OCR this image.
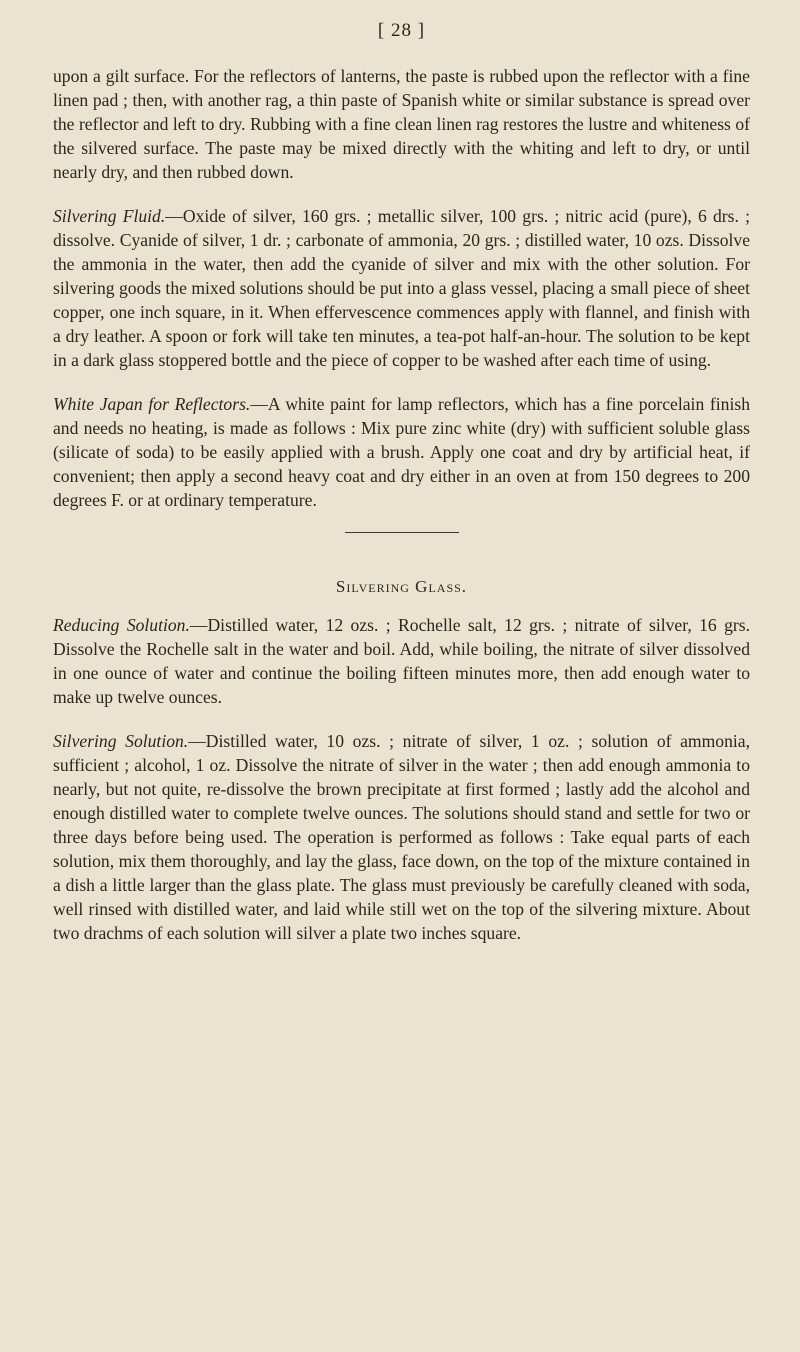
[ 28 ]

upon a gilt surface. For the reflectors of lanterns, the paste is rubbed upon the reflector with a fine linen pad ; then, with another rag, a thin paste of Spanish white or similar substance is spread over the reflector and left to dry. Rubbing with a fine clean linen rag restores the lustre and whiteness of the silvered surface. The paste may be mixed directly with the whiting and left to dry, or until nearly dry, and then rubbed down.

Silvering Fluid.—Oxide of silver, 160 grs. ; metallic silver, 100 grs. ; nitric acid (pure), 6 drs. ; dissolve. Cyanide of silver, 1 dr. ; carbonate of ammonia, 20 grs. ; distilled water, 10 ozs. Dissolve the ammonia in the water, then add the cyanide of silver and mix with the other solution. For silvering goods the mixed solutions should be put into a glass vessel, placing a small piece of sheet copper, one inch square, in it. When effervescence commences apply with flannel, and finish with a dry leather. A spoon or fork will take ten minutes, a tea-pot half-an-hour. The solution to be kept in a dark glass stoppered bottle and the piece of copper to be washed after each time of using.

White Japan for Reflectors.—A white paint for lamp reflectors, which has a fine porcelain finish and needs no heating, is made as follows : Mix pure zinc white (dry) with sufficient soluble glass (silicate of soda) to be easily applied with a brush. Apply one coat and dry by artificial heat, if convenient; then apply a second heavy coat and dry either in an oven at from 150 degrees to 200 degrees F. or at ordinary temperature.

Silvering Glass.

Reducing Solution.—Distilled water, 12 ozs. ; Rochelle salt, 12 grs. ; nitrate of silver, 16 grs. Dissolve the Rochelle salt in the water and boil. Add, while boiling, the nitrate of silver dissolved in one ounce of water and continue the boiling fifteen minutes more, then add enough water to make up twelve ounces.

Silvering Solution.—Distilled water, 10 ozs. ; nitrate of silver, 1 oz. ; solution of ammonia, sufficient ; alcohol, 1 oz. Dissolve the nitrate of silver in the water ; then add enough ammonia to nearly, but not quite, re-dissolve the brown precipitate at first formed ; lastly add the alcohol and enough distilled water to complete twelve ounces. The solutions should stand and settle for two or three days before being used. The operation is performed as follows : Take equal parts of each solution, mix them thoroughly, and lay the glass, face down, on the top of the mixture contained in a dish a little larger than the glass plate. The glass must previously be carefully cleaned with soda, well rinsed with distilled water, and laid while still wet on the top of the silvering mixture. About two drachms of each solution will silver a plate two inches square.
